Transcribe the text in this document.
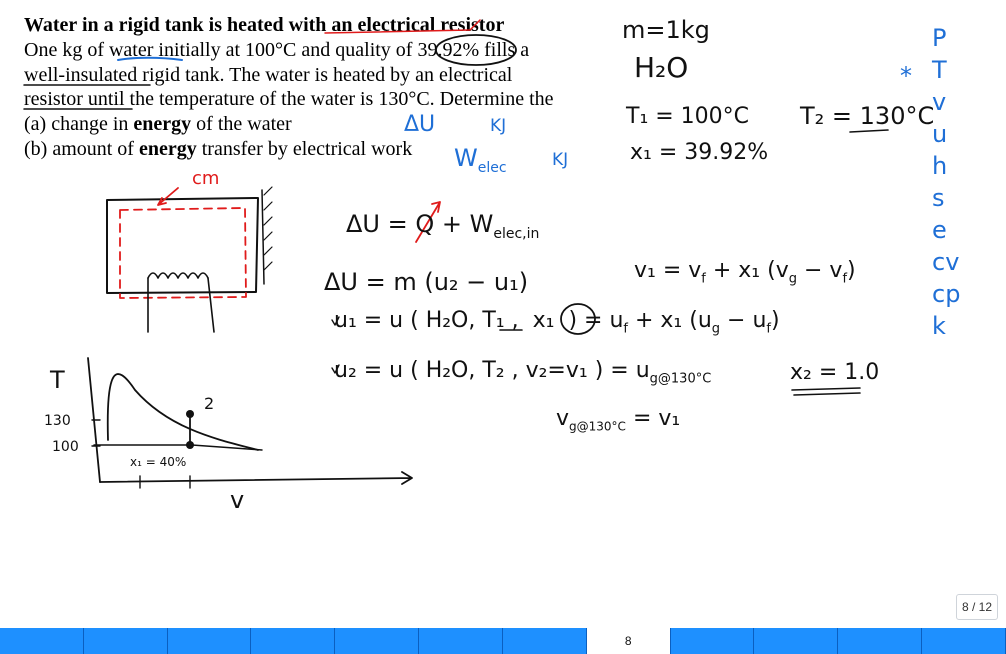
Water in a rigid tank is heated with an electrical resistor
One kg of water initially at 100°C and quality of 39.92% fills a
well-insulated rigid tank. The water is heated by an electrical
resistor until the temperature of the water is 130°C. Determine the
(a) change in energy of the water
(b) amount of energy transfer by electrical work
ΔU	KJ
$W_{elec}$	KJ
m=1kg
H₂O
T₁ = 100°C
x₁ = 39.92%
T₂ = 130°C
*
P
T
v
u
h
s
e
cv
cp
k
cm
$\Delta U = Q + W_{elec,in}$
ΔU = m (u₂ − u₁)
u₁ = u ( H₂O, T₁ , x₁ ) = $u_f + x_1$ $(u_g - u_f)$
u₂ = u ( H₂O, T₂ , v₂=v₁ ) = $u_{g@130^\circ C}$	x₂ = 1.0
$v_1 = v_f + x_1$ $(v_g - v_f)$
$v_{g@130^\circ C} = v_1$
T
130
100
2
x₁ = 40%
v
8 / 12
8
